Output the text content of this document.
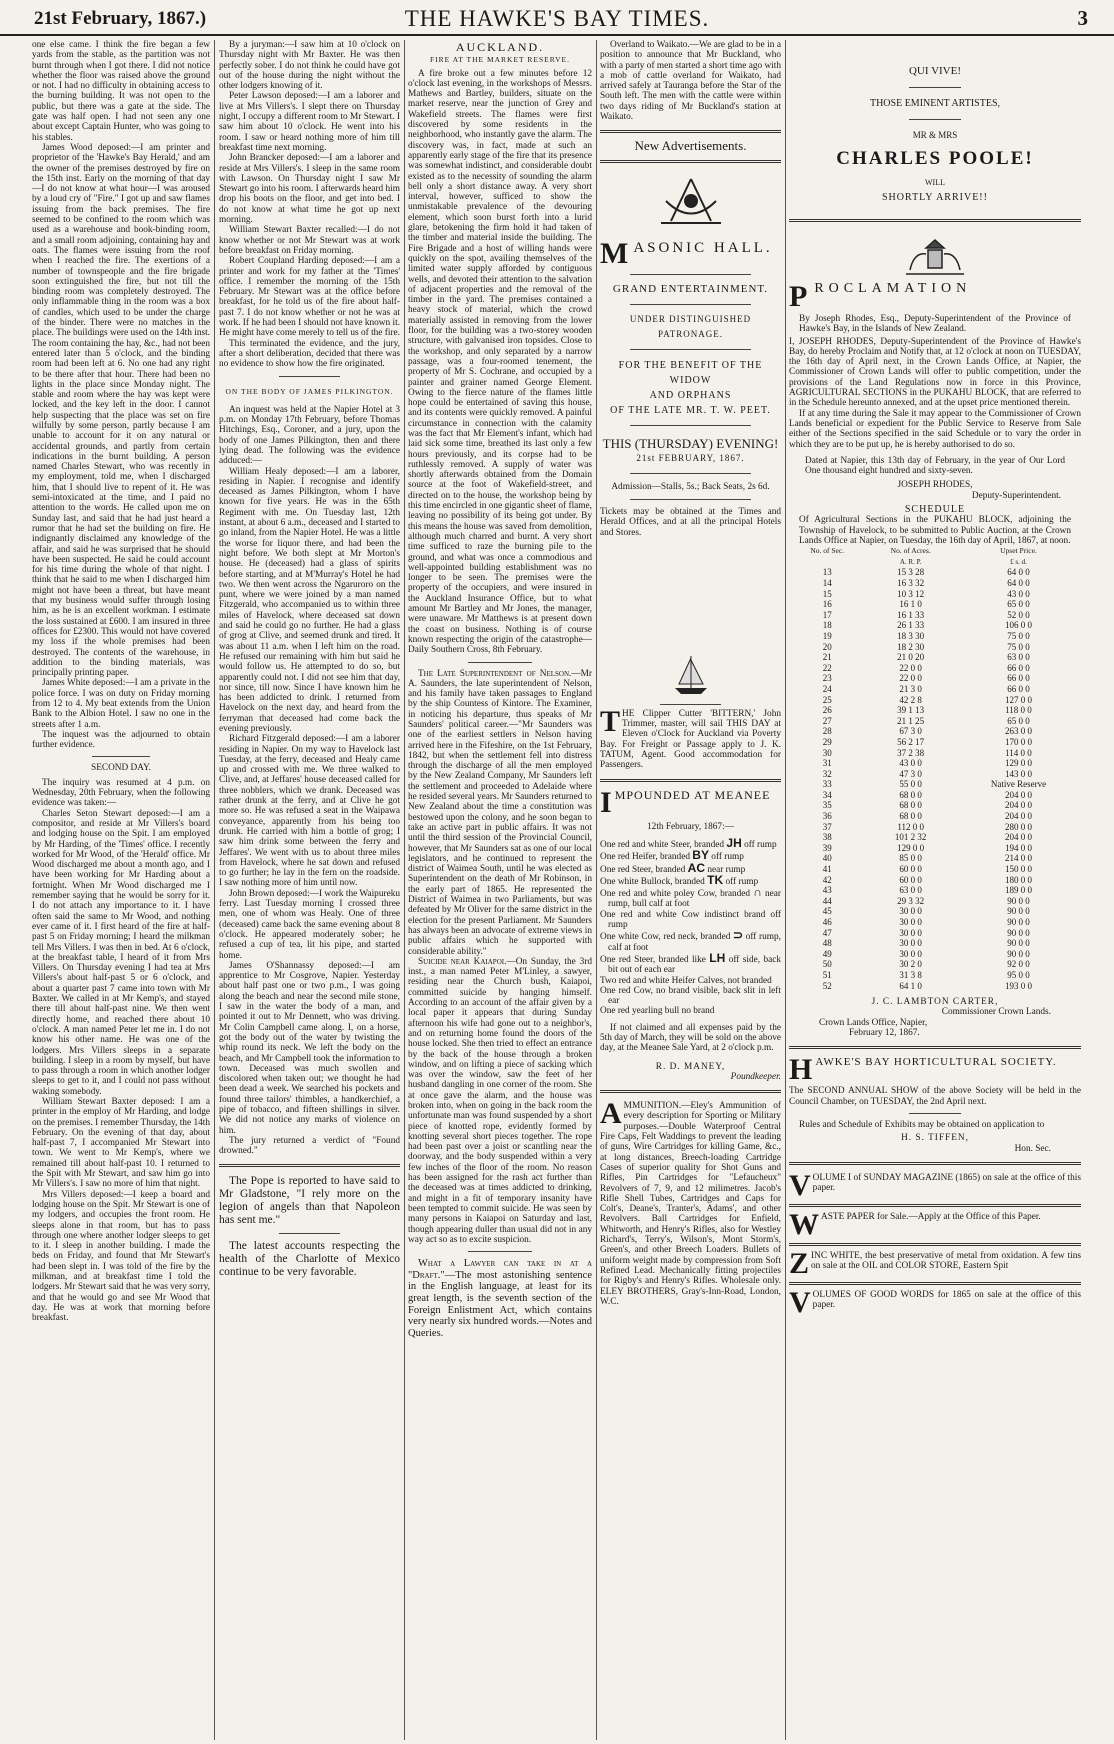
21st February, 1867.)	THE HAWKE'S BAY TIMES.	3

one else came. I think the fire began a few yards from the stable, as the partition was not burnt through when I got there. I did not notice whether the floor was raised above the ground or not. I had no difficulty in obtaining access to the burning building. It was not open to the public, but there was a gate at the side. The gate was half open. I had not seen any one about except Captain Hunter, who was going to his stables.

James Wood deposed:—I am printer and proprietor of the 'Hawke's Bay Herald,' and am the owner of the premises destroyed by fire on the 15th inst. Early on the morning of that day—I do not know at what hour—I was aroused by a loud cry of "Fire." I got up and saw flames issuing from the back premises. The fire seemed to be confined to the room which was used as a warehouse and book-binding room, and a small room adjoining, containing hay and oats. The flames were issuing from the roof when I reached the fire. The exertions of a number of townspeople and the fire brigade soon extinguished the fire, but not till the binding room was completely destroyed. The only inflammable thing in the room was a box of candles, which used to be under the charge of the binder. There were no matches in the place. The buildings were used on the 14th inst. The room containing the hay, &c., had not been entered later than 5 o'clock, and the binding room had been left at 6. No one had any right to be there after that hour. There had been no lights in the place since Monday night. The stable and room where the hay was kept were locked, and the key left in the door. I cannot help suspecting that the place was set on fire wilfully by some person, partly because I am unable to account for it on any natural or accidental grounds, and partly from certain indications in the burnt building. A person named Charles Stewart, who was recently in my employment, told me, when I discharged him, that I should live to repent of it. He was semi-intoxicated at the time, and I paid no attention to the words. He called upon me on Sunday last, and said that he had just heard a rumor that he had set the building on fire. He indignantly disclaimed any knowledge of the affair, and said he was surprised that he should have been suspected. He said he could account for his time during the whole of that night. I think that he said to me when I discharged him might not have been a threat, but have meant that my business would suffer through losing him, as he is an excellent workman. I estimate the loss sustained at £600. I am insured in three offices for £2300. This would not have covered my loss if the whole premises had been destroyed. The contents of the warehouse, in addition to the binding materials, was principally printing paper.

James White deposed:—I am a private in the police force. I was on duty on Friday morning from 12 to 4. My beat extends from the Union Bank to the Albion Hotel. I saw no one in the streets after 1 a.m.

The inquest was the adjourned to obtain further evidence.

SECOND DAY.

The inquiry was resumed at 4 p.m. on Wednesday, 20th February, when the following evidence was taken:—

Charles Seton Stewart deposed:—I am a compositor, and reside at Mr Villers's board and lodging house on the Spit. I am employed by Mr Harding, of the 'Times' office. I recently worked for Mr Wood, of the 'Herald' office. Mr Wood discharged me about a month ago, and I have been working for Mr Harding about a fortnight. When Mr Wood discharged me I remember saying that he would be sorry for it. I do not attach any importance to it. I have often said the same to Mr Wood, and nothing ever came of it. I first heard of the fire at half-past 5 on Friday morning; I heard the milkman tell Mrs Villers. I was then in bed. At 6 o'clock, at the breakfast table, I heard of it from Mrs Villers. On Thursday evening I had tea at Mrs Villers's about half-past 5 or 6 o'clock, and about a quarter past 7 came into town with Mr Baxter. We called in at Mr Kemp's, and stayed there till about half-past nine. We then went directly home, and reached there about 10 o'clock. A man named Peter let me in. I do not know his other name. He was one of the lodgers. Mrs Villers sleeps in a separate building. I sleep in a room by myself, but have to pass through a room in which another lodger sleeps to get to it, and I could not pass without waking somebody.

William Stewart Baxter deposed: I am a printer in the employ of Mr Harding, and lodge on the premises. I remember Thursday, the 14th February. On the evening of that day, about half-past 7, I accompanied Mr Stewart into town. We went to Mr Kemp's, where we remained till about half-past 10. I returned to the Spit with Mr Stewart, and saw him go into Mr Villers's. I saw no more of him that night.

Mrs Villers deposed:—I keep a board and lodging house on the Spit. Mr Stewart is one of my lodgers, and occupies the front room. He sleeps alone in that room, but has to pass through one where another lodger sleeps to get to it. I sleep in another building. I made the beds on Friday, and found that Mr Stewart's had been slept in. I was told of the fire by the milkman, and at breakfast time I told the lodgers. Mr Stewart said that he was very sorry, and that he would go and see Mr Wood that day. He was at work that morning before breakfast.

By a juryman:—I saw him at 10 o'clock on Thursday night with Mr Baxter. He was then perfectly sober. I do not think he could have got out of the house during the night without the other lodgers knowing of it.

Peter Lawson deposed:—I am a laborer and live at Mrs Villers's. I slept there on Thursday night, I occupy a different room to Mr Stewart. I saw him about 10 o'clock. He went into his room. I saw or heard nothing more of him till breakfast time next morning.

John Brancker deposed:—I am a laborer and reside at Mrs Villers's. I sleep in the same room with Lawson. On Thursday night I saw Mr Stewart go into his room. I afterwards heard him drop his boots on the floor, and get into bed. I do not know at what time he got up next morning.

William Stewart Baxter recalled:—I do not know whether or not Mr Stewart was at work before breakfast on Friday morning.

Robert Coupland Harding deposed:—I am a printer and work for my father at the 'Times' office. I remember the morning of the 15th February. Mr Stewart was at the office before breakfast, for he told us of the fire about half-past 7. I do not know whether or not he was at work. If he had been I should not have known it. He might have come merely to tell us of the fire.

This terminated the evidence, and the jury, after a short deliberation, decided that there was no evidence to show how the fire originated.

ON THE BODY OF JAMES PILKINGTON.

An inquest was held at the Napier Hotel at 3 p.m. on Monday 17th February, before Thomas Hitchings, Esq., Coroner, and a jury, upon the body of one James Pilkington, then and there lying dead. The following was the evidence adduced:—

William Healy deposed:—I am a laborer, residing in Napier. I recognise and identify deceased as James Pilkington, whom I have known for five years. He was in the 65th Regiment with me. On Tuesday last, 12th instant, at about 6 a.m., deceased and I started to go inland, from the Napier Hotel. He was a little the worse for liquor there, and had been the night before. We both slept at Mr Morton's house. He (deceased) had a glass of spirits before starting, and at M'Murray's Hotel he had two. We then went across the Ngaruroro on the punt, where we were joined by a man named Fitzgerald, who accompanied us to within three miles of Havelock, where deceased sat down and said he could go no further. He had a glass of grog at Clive, and seemed drunk and tired. It was about 11 a.m. when I left him on the road. He refused our remaining with him but said he would follow us. He attempted to do so, but apparently could not. I did not see him that day, nor since, till now. Since I have known him he has been addicted to drink. I returned from Havelock on the next day, and heard from the ferryman that deceased had come back the evening previously.

Richard Fitzgerald deposed:—I am a laborer residing in Napier. On my way to Havelock last Tuesday, at the ferry, deceased and Healy came up and crossed with me. We three walked to Clive, and, at Jeffares' house deceased called for three nobblers, which we drank. Deceased was rather drunk at the ferry, and at Clive he got more so. He was refused a seat in the Waipawa conveyance, apparently from his being too drunk. He carried with him a bottle of grog; I saw him drink some between the ferry and Jeffares'. We went with us to about three miles from Havelock, where he sat down and refused to go further; he lay in the fern on the roadside. I saw nothing more of him until now.

John Brown deposed:—I work the Waipureku ferry. Last Tuesday morning I crossed three men, one of whom was Healy. One of three (deceased) came back the same evening about 8 o'clock. He appeared moderately sober; he refused a cup of tea, lit his pipe, and started home.

James O'Shannassy deposed:—I am apprentice to Mr Cosgrove, Napier. Yesterday about half past one or two p.m., I was going along the beach and near the second mile stone, I saw in the water the body of a man, and pointed it out to Mr Dennett, who was driving. Mr Colin Campbell came along. I, on a horse, got the body out of the water by twisting the whip round its neck. We left the body on the beach, and Mr Campbell took the information to town. Deceased was much swollen and discolored when taken out; we thought he had been dead a week. We searched his pockets and found three tailors' thimbles, a handkerchief, a pipe of tobacco, and fifteen shillings in silver. We did not notice any marks of violence on him.

The jury returned a verdict of "Found drowned."

The Pope is reported to have said to Mr Gladstone, "I rely more on the legion of angels than that Napoleon has sent me."

The latest accounts respecting the health of the Charlotte of Mexico continue to be very favorable.

AUCKLAND.
FIRE AT THE MARKET RESERVE.

A fire broke out a few minutes before 12 o'clock last evening, in the workshops of Messrs. Mathews and Bartley, builders, situate on the market reserve, near the junction of Grey and Wakefield streets. The flames were first discovered by some residents in the neighborhood, who instantly gave the alarm. The discovery was, in fact, made at such an apparently early stage of the fire that its presence was somewhat indistinct, and considerable doubt existed as to the necessity of sounding the alarm bell only a short distance away. A very short interval, however, sufficed to show the unmistakable prevalence of the devouring element, which soon burst forth into a lurid glare, betokening the firm hold it had taken of the timber and material inside the building. The Fire Brigade and a host of willing hands were quickly on the spot, availing themselves of the limited water supply afforded by contiguous wells, and devoted their attention to the salvation of adjacent properties and the removal of the timber in the yard. The premises contained a heavy stock of material, which the crowd materially assisted in removing from the lower floor, for the building was a two-storey wooden structure, with galvanised iron topsides. Close to the workshop, and only separated by a narrow passage, was a four-roomed tenement, the property of Mr S. Cochrane, and occupied by a painter and grainer named George Element. Owing to the fierce nature of the flames little hope could be entertained of saving this house, and its contents were quickly removed. A painful circumstance in connection with the calamity was the fact that Mr Element's infant, which had laid sick some time, breathed its last only a few hours previously, and its corpse had to be ruthlessly removed. A supply of water was shortly afterwards obtained from the Domain source at the foot of Wakefield-street, and directed on to the house, the workshop being by this time encircled in one gigantic sheet of flame, leaving no possibility of its being got under. By this means the house was saved from demolition, although much charred and burnt. A very short time sufficed to raze the burning pile to the ground, and what was once a commodious and well-appointed building establishment was no longer to be seen. The premises were the property of the occupiers, and were insured in the Auckland Insurance Office, but to what amount Mr Bartley and Mr Jones, the manager, were unaware. Mr Matthews is at present down the coast on business. Nothing is of course known respecting the origin of the catastrophe—Daily Southern Cross, 8th February.

The Late Superintendent of Nelson.—Mr A. Saunders, the late superintendent of Nelson, and his family have taken passages to England by the ship Countess of Kintore. The Examiner, in noticing his departure, thus speaks of Mr Saunders' political career.—"Mr Saunders was one of the earliest settlers in Nelson having arrived here in the Fifeshire, on the 1st February, 1842, but when the settlement fell into distress through the discharge of all the men employed by the New Zealand Company, Mr Saunders left the settlement and proceeded to Adelaide where he resided several years. Mr Saunders returned to New Zealand about the time a constitution was bestowed upon the colony, and he soon began to take an active part in public affairs. It was not until the third session of the Provincial Council, however, that Mr Saunders sat as one of our local legislators, and he continued to represent the district of Waimea South, until he was elected as Superintendent on the death of Mr Robinson, in the early part of 1865. He represented the District of Waimea in two Parliaments, but was defeated by Mr Oliver for the same district in the election for the present Parliament. Mr Saunders has always been an advocate of extreme views in public affairs which he supported with considerable ability."

Suicide near Kaiapoi.—On Sunday, the 3rd inst., a man named Peter M'Linley, a sawyer, residing near the Church bush, Kaiapoi, committed suicide by hanging himself. According to an account of the affair given by a local paper it appears that during Sunday afternoon his wife had gone out to a neighbor's, and on returning home found the doors of the house locked. She then tried to effect an entrance by the back of the house through a broken window, and on lifting a piece of sacking which was over the window, saw the feet of her husband dangling in one corner of the room. She at once gave the alarm, and the house was broken into, when on going in the back room the unfortunate man was found suspended by a short piece of knotted rope, evidently formed by knotting several short pieces together. The rope had been past over a joist or scantling near the doorway, and the body suspended within a very few inches of the floor of the room. No reason has been assigned for the rash act further than the deceased was at times addicted to drinking, and might in a fit of temporary insanity have been tempted to commit suicide. He was seen by many persons in Kaiapoi on Saturday and last, though appearing duller than usual did not in any way act so as to excite suspicion.

What a Lawyer can take in at a "Draft."—The most astonishing sentence in the English language, at least for its great length, is the seventh section of the Foreign Enlistment Act, which contains very nearly six hundred words.—Notes and Queries.

Overland to Waikato.—We are glad to be in a position to announce that Mr Buckland, who with a party of men started a short time ago with a mob of cattle overland for Waikato, had arrived safely at Tauranga before the Star of the South left. The men with the cattle were within two days riding of Mr Buckland's station at Waikato.

New Advertisements.

MASONIC HALL.

GRAND ENTERTAINMENT.

UNDER DISTINGUISHED PATRONAGE.

FOR THE BENEFIT OF THE WIDOW

AND ORPHANS

OF THE LATE MR. T. W. PEET.

THIS (THURSDAY) EVENING!

21st FEBRUARY, 1867.

Admission—Stalls, 5s.; Back Seats, 2s 6d.

Tickets may be obtained at the Times and Herald Offices, and at all the principal Hotels and Stores.

THE Clipper Cutter 'BITTERN,' John Trimmer, master, will sail THIS DAY at Eleven o'Clock for Auckland via Poverty Bay. For Freight or Passage apply to J. K. TATUM, Agent. Good accommodation for Passengers.

IMPOUNDED AT MEANEE

12th February, 1867:—

One red and white Steer, branded JH off rump

One red Heifer, branded BY off rump

One red Steer, branded AC near rump

One white Bullock, branded TK off rump

One red and white poley Cow, branded ∩ near rump, bull calf at foot

One red and white Cow indistinct brand off rump

One white Cow, red neck, branded ⊃ off rump, calf at foot

One red Steer, branded like LH off side, back bit out of each ear

Two red and white Heifer Calves, not branded

One red Cow, no brand visible, back slit in left ear

One red yearling bull no brand

If not claimed and all expenses paid by the 5th day of March, they will be sold on the above day, at the Meanee Sale Yard, at 2 o'clock p.m.

R. D. MANEY,

Poundkeeper.

AMMUNITION.—Eley's Ammunition of every description for Sporting or Military purposes.—Double Waterproof Central Fire Caps, Felt Waddings to prevent the leading of guns, Wire Cartridges for killing Game, &c., at long distances, Breech-loading Cartridge Cases of superior quality for Shot Guns and Rifles, Pin Cartridges for "Lefaucheux" Revolvers of 7, 9, and 12 milimetres. Jacob's Rifle Shell Tubes, Cartridges and Caps for Colt's, Deane's, Tranter's, Adams', and other Revolvers. Ball Cartridges for Enfield, Whitworth, and Henry's Rifles, also for Westley Richard's, Terry's, Wilson's, Mont Storm's, Green's, and other Breech Loaders. Bullets of uniform weight made by compression from Soft Refined Lead. Mechanically fitting projectiles for Rigby's and Henry's Rifles. Wholesale only. ELEY BROTHERS, Gray's-Inn-Road, London, W.C.

QUI VIVE!

THOSE EMINENT ARTISTES,

MR & MRS

CHARLES POOLE!

WILL

SHORTLY ARRIVE!!

PROCLAMATION

By Joseph Rhodes, Esq., Deputy-Superintendent of the Province of Hawke's Bay, in the Islands of New Zealand.

I, JOSEPH RHODES, Deputy-Superintendent of the Province of Hawke's Bay, do hereby Proclaim and Notify that, at 12 o'clock at noon on TUESDAY, the 16th day of April next, in the Crown Lands Office, at Napier, the Commissioner of Crown Lands will offer to public competition, under the provisions of the Land Regulations now in force in this Province, AGRICULTURAL SECTIONS in the PUKAHU BLOCK, that are referred to in the Schedule hereunto annexed, and at the upset price mentioned therein.

If at any time during the Sale it may appear to the Commissioner of Crown Lands beneficial or expedient for the Public Service to Reserve from Sale either of the Sections specified in the said Schedule or to vary the order in which they are to be put up, he is hereby authorised to do so.

Dated at Napier, this 13th day of February, in the year of Our Lord One thousand eight hundred and sixty-seven.

JOSEPH RHODES,

Deputy-Superintendent.

SCHEDULE

Of Agricultural Sections in the PUKAHU BLOCK, adjoining the Township of Havelock, to be submitted to Public Auction, at the Crown Lands Office at Napier, on Tuesday, the 16th day of April, 1867, at noon.

No. of Sec.	No. of Acres.	Upset Price.
	A. R. P.	£ s. d.
13	15 3 28	64 0 0
14	16 3 32	64 0 0
15	10 3 12	43 0 0
16	16 1 0	65 0 0
17	16 1 33	52 0 0
18	26 1 33	106 0 0
19	18 3 30	75 0 0
20	18 2 30	75 0 0
21	21 0 20	63 0 0
22	22 0 0	66 0 0
23	22 0 0	66 0 0
24	21 3 0	66 0 0
25	42 2 8	127 0 0
26	39 1 13	118 0 0
27	21 1 25	65 0 0
28	67 3 0	263 0 0
29	56 2 17	170 0 0
30	37 2 38	114 0 0
31	43 0 0	129 0 0
32	47 3 0	143 0 0
33	55 0 0	Native Reserve
34	68 0 0	204 0 0
35	68 0 0	204 0 0
36	68 0 0	204 0 0
37	112 0 0	280 0 0
38	101 2 32	204 0 0
39	129 0 0	194 0 0
40	85 0 0	214 0 0
41	60 0 0	150 0 0
42	60 0 0	180 0 0
43	63 0 0	189 0 0
44	29 3 32	90 0 0
45	30 0 0	90 0 0
46	30 0 0	90 0 0
47	30 0 0	90 0 0
48	30 0 0	90 0 0
49	30 0 0	90 0 0
50	30 2 0	92 0 0
51	31 3 8	95 0 0
52	64 1 0	193 0 0

J. C. LAMBTON CARTER,

Commissioner Crown Lands.

Crown Lands Office, Napier,

February 12, 1867.

HAWKE'S BAY HORTICULTURAL SOCIETY.

The SECOND ANNUAL SHOW of the above Society will be held in the Council Chamber, on TUESDAY, the 2nd April next.

Rules and Schedule of Exhibits may be obtained on application to

H. S. TIFFEN,

Hon. Sec.

VOLUME I of SUNDAY MAGAZINE (1865) on sale at the office of this paper.

WASTE PAPER for Sale.—Apply at the Office of this Paper.

ZINC WHITE, the best preservative of metal from oxidation. A few tins on sale at the OIL and COLOR STORE, Eastern Spit

VOLUMES OF GOOD WORDS for 1865 on sale at the office of this paper.
